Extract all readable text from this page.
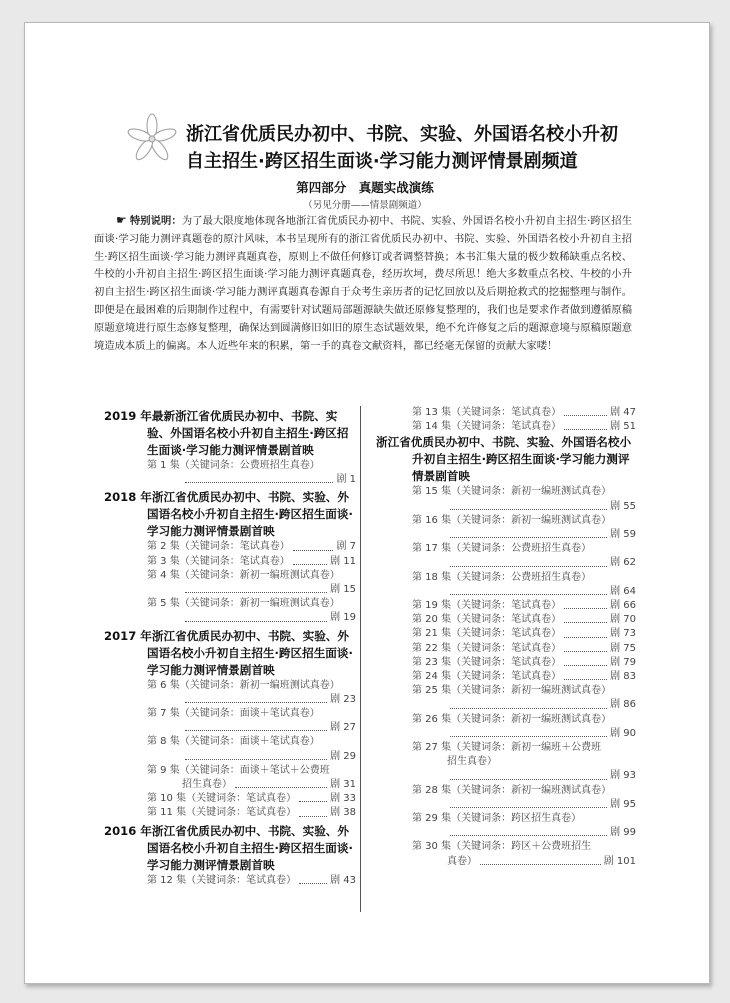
浙江省优质民办初中、书院、实验、外国语名校小升初
自主招生·跨区招生面谈·学习能力测评情景剧频道
第四部分　真题实战演练
（另见分册——情景剧频道）
☛ 特别说明：为了最大限度地体现各地浙江省优质民办初中、书院、实验、外国语名校小升初自主招生·跨区招生面谈·学习能力测评真题卷的原汁风味，本书呈现所有的浙江省优质民办初中、书院、实验、外国语名校小升初自主招生·跨区招生面谈·学习能力测评真题真卷，原则上不做任何修订或者调整替换；本书汇集大量的极少数稀缺重点名校、牛校的小升初自主招生·跨区招生面谈·学习能力测评真题真卷，经历坎坷，费尽所思！绝大多数重点名校、牛校的小升初自主招生·跨区招生面谈·学习能力测评真题真卷源自于众考生亲历者的记忆回放以及后期抢救式的挖掘整理与制作。即便是在最困难的后期制作过程中，有需要针对试题局部题源缺失做还原修复整理的，我们也是要求作者做到遵循原稿原题意境进行原生态修复整理，确保达到圆满修旧如旧的原生态试题效果，绝不允许修复之后的题源意境与原稿原题意境造成本质上的偏离。本人近些年来的积累，第一手的真卷文献资料，都已经毫无保留的贡献大家喽！
2019 年最新浙江省优质民办初中、书院、实验、外国语名校小升初自主招生·跨区招生面谈·学习能力测评情景剧首映
第 1 集（关键词条：公费班招生真卷）
剧 1
2018 年浙江省优质民办初中、书院、实验、外国语名校小升初自主招生·跨区招生面谈·学习能力测评情景剧首映
第 2 集（关键词条：笔试真卷）	剧 7
第 3 集（关键词条：笔试真卷）	剧 11
第 4 集（关键词条：新初一编班测试真卷）
剧 15
第 5 集（关键词条：新初一编班测试真卷）
剧 19
2017 年浙江省优质民办初中、书院、实验、外国语名校小升初自主招生·跨区招生面谈·学习能力测评情景剧首映
第 6 集（关键词条：新初一编班测试真卷）
剧 23
第 7 集（关键词条：面谈＋笔试真卷）
剧 27
第 8 集（关键词条：面谈＋笔试真卷）
剧 29
第 9 集（关键词条：面谈＋笔试＋公费班
招生真卷）	剧 31
第 10 集（关键词条：笔试真卷）	剧 33
第 11 集（关键词条：笔试真卷）	剧 38
2016 年浙江省优质民办初中、书院、实验、外国语名校小升初自主招生·跨区招生面谈·学习能力测评情景剧首映
第 12 集（关键词条：笔试真卷）	剧 43
第 13 集（关键词条：笔试真卷）	剧 47
第 14 集（关键词条：笔试真卷）	剧 51
浙江省优质民办初中、书院、实验、外国语名校小升初自主招生·跨区招生面谈·学习能力测评情景剧首映
第 15 集（关键词条：新初一编班测试真卷）
剧 55
第 16 集（关键词条：新初一编班测试真卷）
剧 59
第 17 集（关键词条：公费班招生真卷）
剧 62
第 18 集（关键词条：公费班招生真卷）
剧 64
第 19 集（关键词条：笔试真卷）	剧 66
第 20 集（关键词条：笔试真卷）	剧 70
第 21 集（关键词条：笔试真卷）	剧 73
第 22 集（关键词条：笔试真卷）	剧 75
第 23 集（关键词条：笔试真卷）	剧 79
第 24 集（关键词条：笔试真卷）	剧 83
第 25 集（关键词条：新初一编班测试真卷）
剧 86
第 26 集（关键词条：新初一编班测试真卷）
剧 90
第 27 集（关键词条：新初一编班＋公费班
招生真卷）
剧 93
第 28 集（关键词条：新初一编班测试真卷）
剧 95
第 29 集（关键词条：跨区招生真卷）
剧 99
第 30 集（关键词条：跨区＋公费班招生
真卷）	剧 101
